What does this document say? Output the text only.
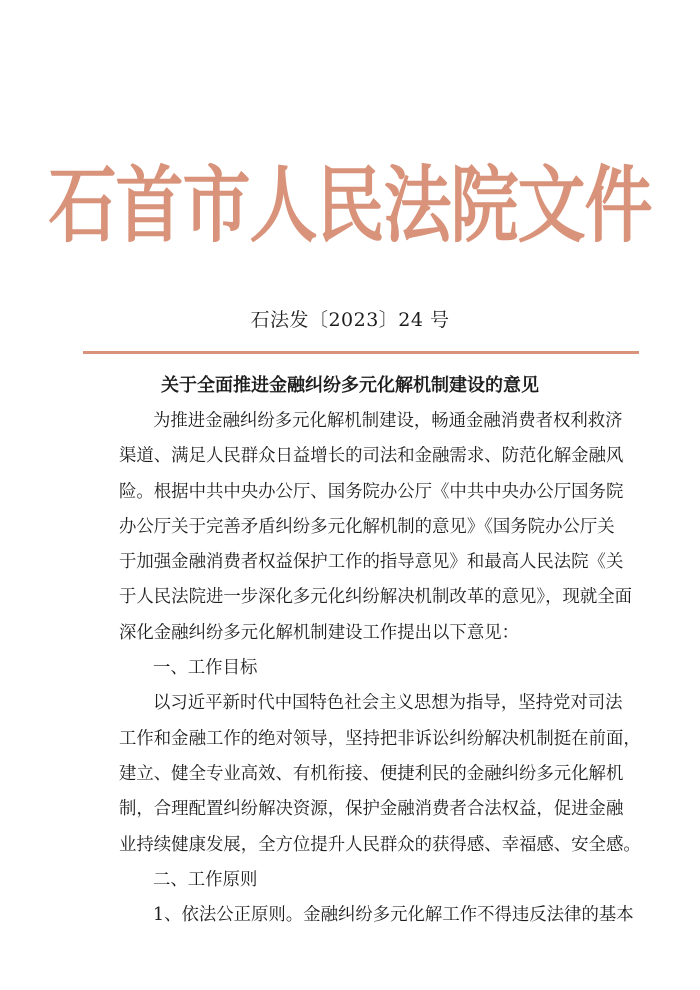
石首市人民法院文件
石法发〔2023〕24 号
关于全面推进金融纠纷多元化解机制建设的意见
为推进金融纠纷多元化解机制建设，畅通金融消费者权利救济
渠道、满足人民群众日益增长的司法和金融需求、防范化解金融风
险。根据中共中央办公厅、国务院办公厅《中共中央办公厅国务院
办公厅关于完善矛盾纠纷多元化解机制的意见》《国务院办公厅关
于加强金融消费者权益保护工作的指导意见》和最高人民法院《关
于人民法院进一步深化多元化纠纷解决机制改革的意见》，现就全面
深化金融纠纷多元化解机制建设工作提出以下意见：
一、工作目标
以习近平新时代中国特色社会主义思想为指导，坚持党对司法
工作和金融工作的绝对领导，坚持把非诉讼纠纷解决机制挺在前面，
建立、健全专业高效、有机衔接、便捷利民的金融纠纷多元化解机
制，合理配置纠纷解决资源，保护金融消费者合法权益，促进金融
业持续健康发展，全方位提升人民群众的获得感、幸福感、安全感。
二、工作原则
1、依法公正原则。金融纠纷多元化解工作不得违反法律的基本
